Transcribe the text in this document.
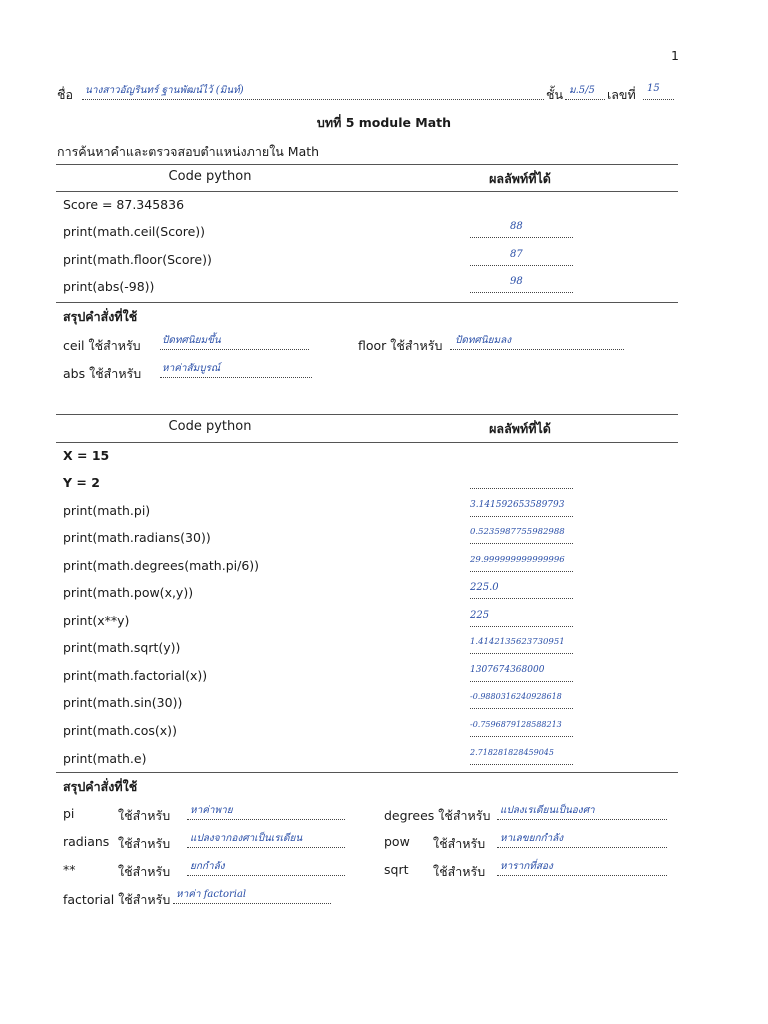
1
ชื่อ นางสาวอัญรินทร์ ฐานพัฒน์ไว้ (มินท์)	ชั้น ม.5/5 เลขที่ 15
บทที่ 5 module Math
การค้นหาคำและตรวจสอบตำแหน่งภายใน Math
Code python	ผลลัพท์ที่ได้
Score = 87.345836
print(math.ceil(Score))	88
print(math.floor(Score))	87
print(abs(-98))	98
สรุปคำสั่งที่ใช้
ceil ใช้สำหรับ ปัดทศนิยมขึ้น	floor ใช้สำหรับ ปัดทศนิยมลง
abs ใช้สำหรับ หาค่าสัมบูรณ์
Code python	ผลลัพท์ที่ได้
X = 15
Y = 2
print(math.pi)	3.141592653589793
print(math.radians(30))	0.5235987755982988
print(math.degrees(math.pi/6))	29.999999999999996
print(math.pow(x,y))	225.0
print(x**y)	225
print(math.sqrt(y))	1.4142135623730951
print(math.factorial(x))	1307674368000
print(math.sin(30))	-0.9880316240928618
print(math.cos(x))	-0.7596879128588213
print(math.e)	2.718281828459045
สรุปคำสั่งที่ใช้
pi	ใช้สำหรับ หาค่าพาย	degrees ใช้สำหรับ แปลงเรเดียนเป็นองศา
radians ใช้สำหรับ แปลงจากองศาเป็นเรเดียน	pow ใช้สำหรับ หาเลขยกกำลัง
**	ใช้สำหรับ ยกกำลัง	sqrt ใช้สำหรับ หารากที่สอง
factorial ใช้สำหรับ หาค่า factorial
